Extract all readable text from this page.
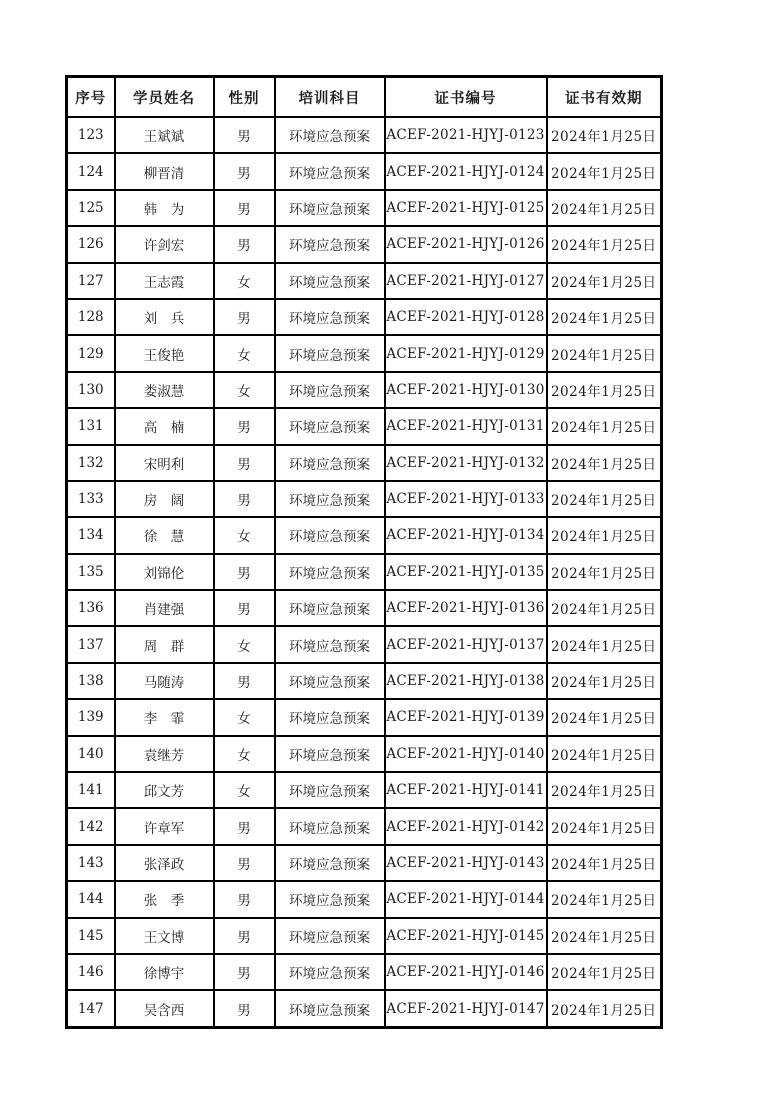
序号	学员姓名	性别	培训科目	证书编号	证书有效期
123	王斌斌	男	环境应急预案	ACEF-2021-HJYJ-0123	2024年1月25日
124	柳晋清	男	环境应急预案	ACEF-2021-HJYJ-0124	2024年1月25日
125	韩　为	男	环境应急预案	ACEF-2021-HJYJ-0125	2024年1月25日
126	许剑宏	男	环境应急预案	ACEF-2021-HJYJ-0126	2024年1月25日
127	王志霞	女	环境应急预案	ACEF-2021-HJYJ-0127	2024年1月25日
128	刘　兵	男	环境应急预案	ACEF-2021-HJYJ-0128	2024年1月25日
129	王俊艳	女	环境应急预案	ACEF-2021-HJYJ-0129	2024年1月25日
130	娄淑慧	女	环境应急预案	ACEF-2021-HJYJ-0130	2024年1月25日
131	高　楠	男	环境应急预案	ACEF-2021-HJYJ-0131	2024年1月25日
132	宋明利	男	环境应急预案	ACEF-2021-HJYJ-0132	2024年1月25日
133	房　阔	男	环境应急预案	ACEF-2021-HJYJ-0133	2024年1月25日
134	徐　慧	女	环境应急预案	ACEF-2021-HJYJ-0134	2024年1月25日
135	刘锦伦	男	环境应急预案	ACEF-2021-HJYJ-0135	2024年1月25日
136	肖建强	男	环境应急预案	ACEF-2021-HJYJ-0136	2024年1月25日
137	周　群	女	环境应急预案	ACEF-2021-HJYJ-0137	2024年1月25日
138	马随涛	男	环境应急预案	ACEF-2021-HJYJ-0138	2024年1月25日
139	李　霏	女	环境应急预案	ACEF-2021-HJYJ-0139	2024年1月25日
140	袁继芳	女	环境应急预案	ACEF-2021-HJYJ-0140	2024年1月25日
141	邱文芳	女	环境应急预案	ACEF-2021-HJYJ-0141	2024年1月25日
142	许章军	男	环境应急预案	ACEF-2021-HJYJ-0142	2024年1月25日
143	张泽政	男	环境应急预案	ACEF-2021-HJYJ-0143	2024年1月25日
144	张　季	男	环境应急预案	ACEF-2021-HJYJ-0144	2024年1月25日
145	王文博	男	环境应急预案	ACEF-2021-HJYJ-0145	2024年1月25日
146	徐博宇	男	环境应急预案	ACEF-2021-HJYJ-0146	2024年1月25日
147	吴含西	男	环境应急预案	ACEF-2021-HJYJ-0147	2024年1月25日
